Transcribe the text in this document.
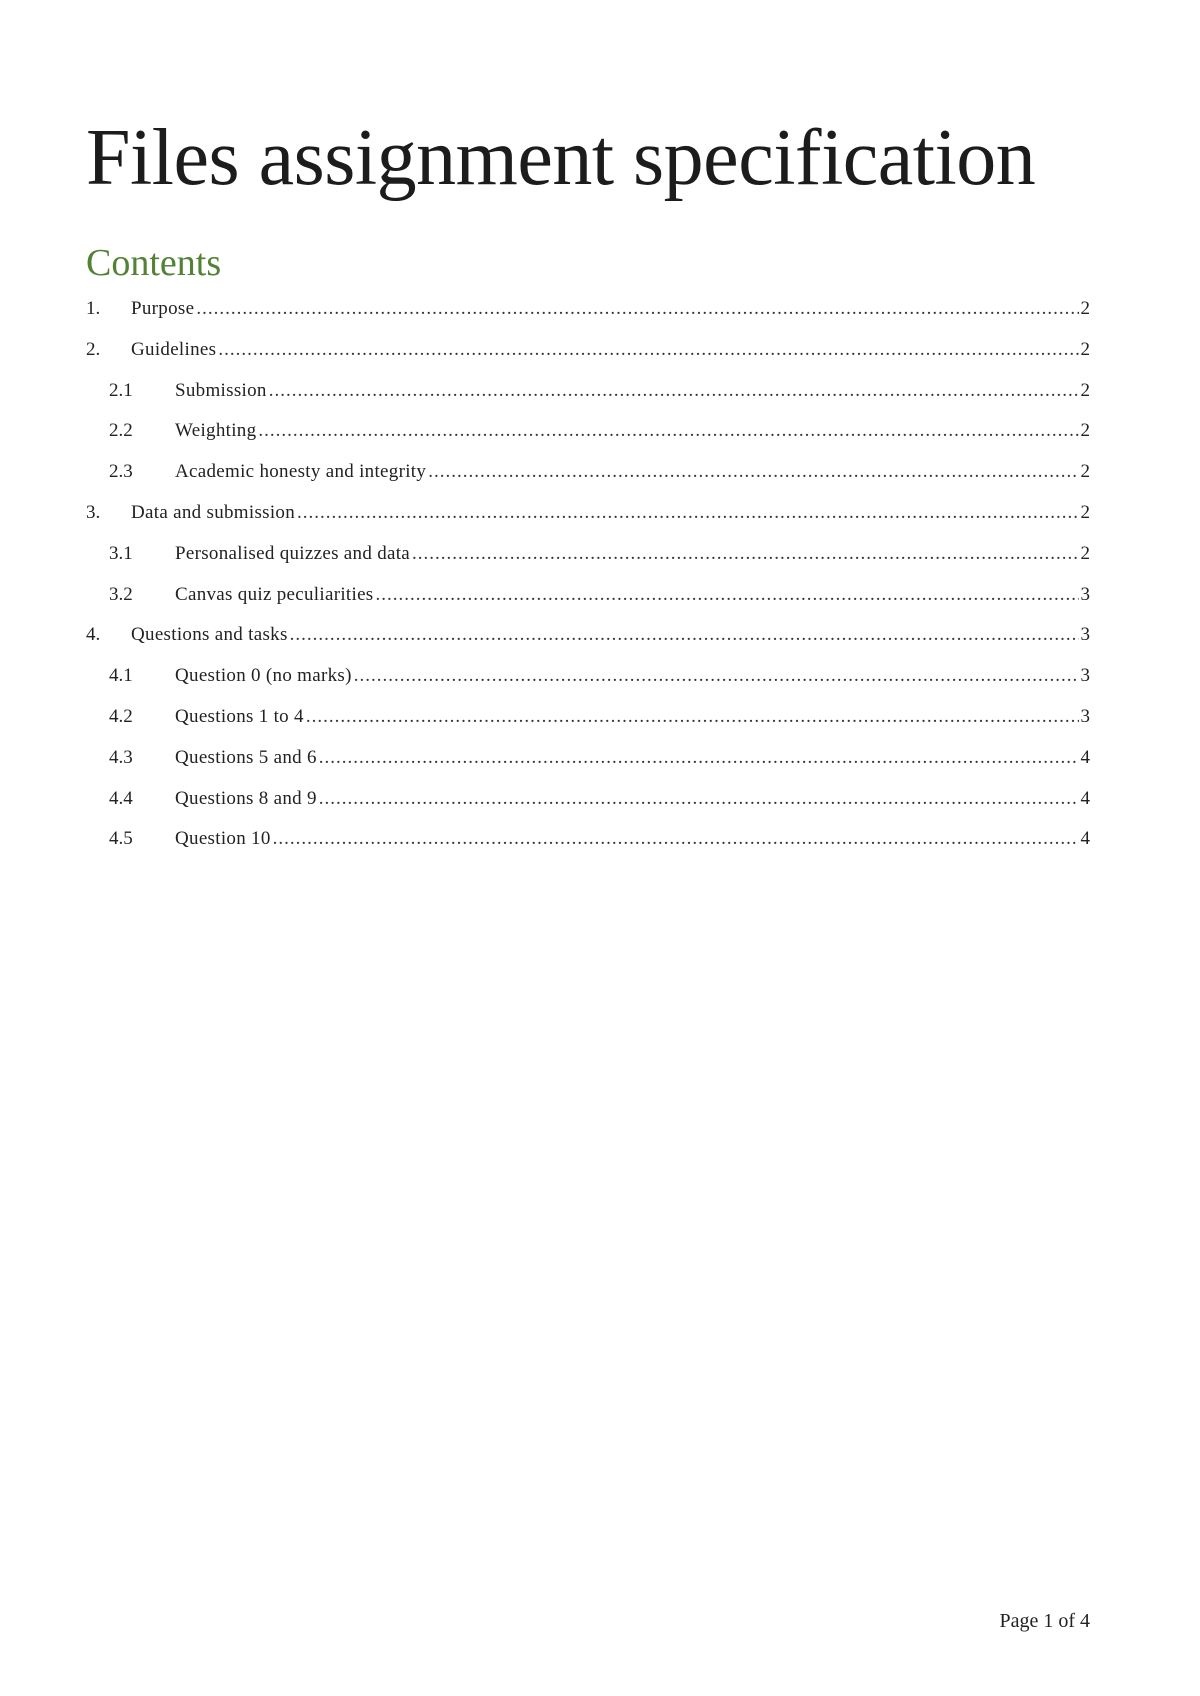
Files assignment specification
Contents
1.	Purpose .....	2
2.	Guidelines .....	2
2.1	Submission .....	2
2.2	Weighting .....	2
2.3	Academic honesty and integrity .....	2
3.	Data and submission .....	2
3.1	Personalised quizzes and data .....	2
3.2	Canvas quiz peculiarities .....	3
4.	Questions and tasks .....	3
4.1	Question 0 (no marks) .....	3
4.2	Questions 1 to 4 .....	3
4.3	Questions 5 and 6 .....	4
4.4	Questions 8 and 9 .....	4
4.5	Question 10 .....	4
Page 1 of 4
